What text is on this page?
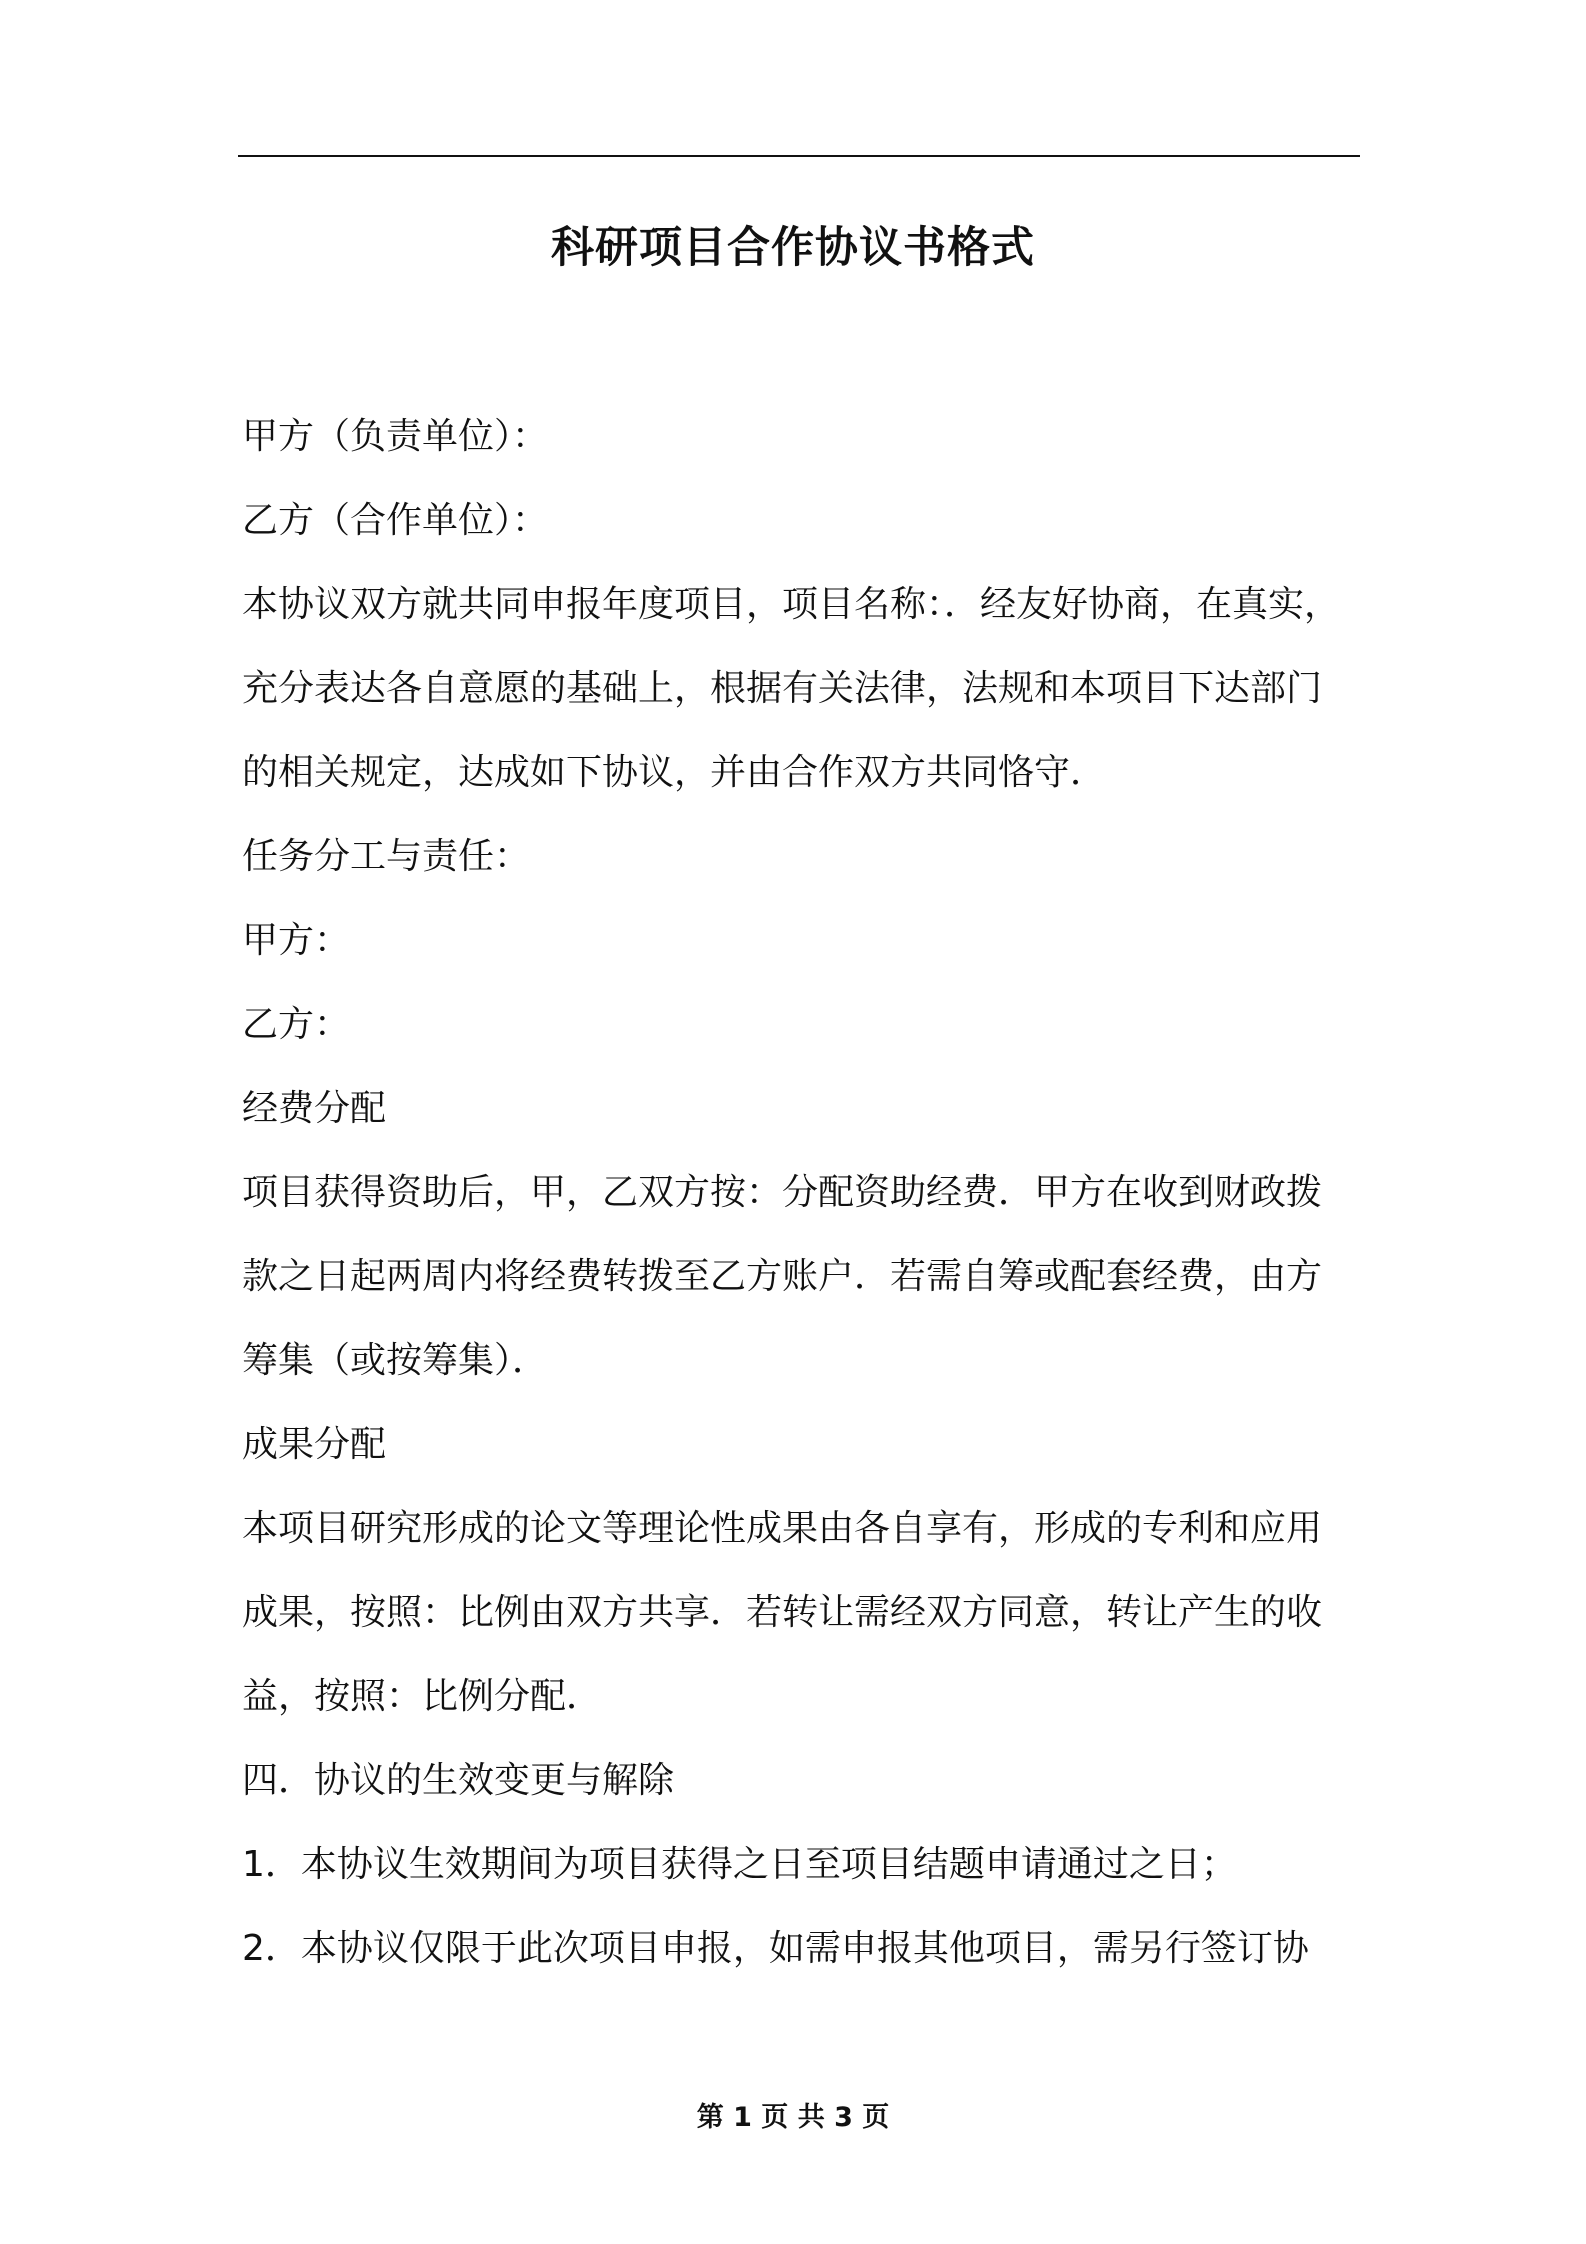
科研项目合作协议书格式
甲方（负责单位）：
乙方（合作单位）：
本协议双方就共同申报年度项目，项目名称：．经友好协商，在真实，
充分表达各自意愿的基础上，根据有关法律，法规和本项目下达部门
的相关规定，达成如下协议，并由合作双方共同恪守．
任务分工与责任：
甲方：
乙方：
经费分配
项目获得资助后，甲，乙双方按：分配资助经费．甲方在收到财政拨
款之日起两周内将经费转拨至乙方账户．若需自筹或配套经费，由方
筹集（或按筹集）．
成果分配
本项目研究形成的论文等理论性成果由各自享有，形成的专利和应用
成果，按照：比例由双方共享．若转让需经双方同意，转让产生的收
益，按照：比例分配．
四．协议的生效变更与解除
1．本协议生效期间为项目获得之日至项目结题申请通过之日；
2．本协议仅限于此次项目申报，如需申报其他项目，需另行签订协
第 1 页 共 3 页
